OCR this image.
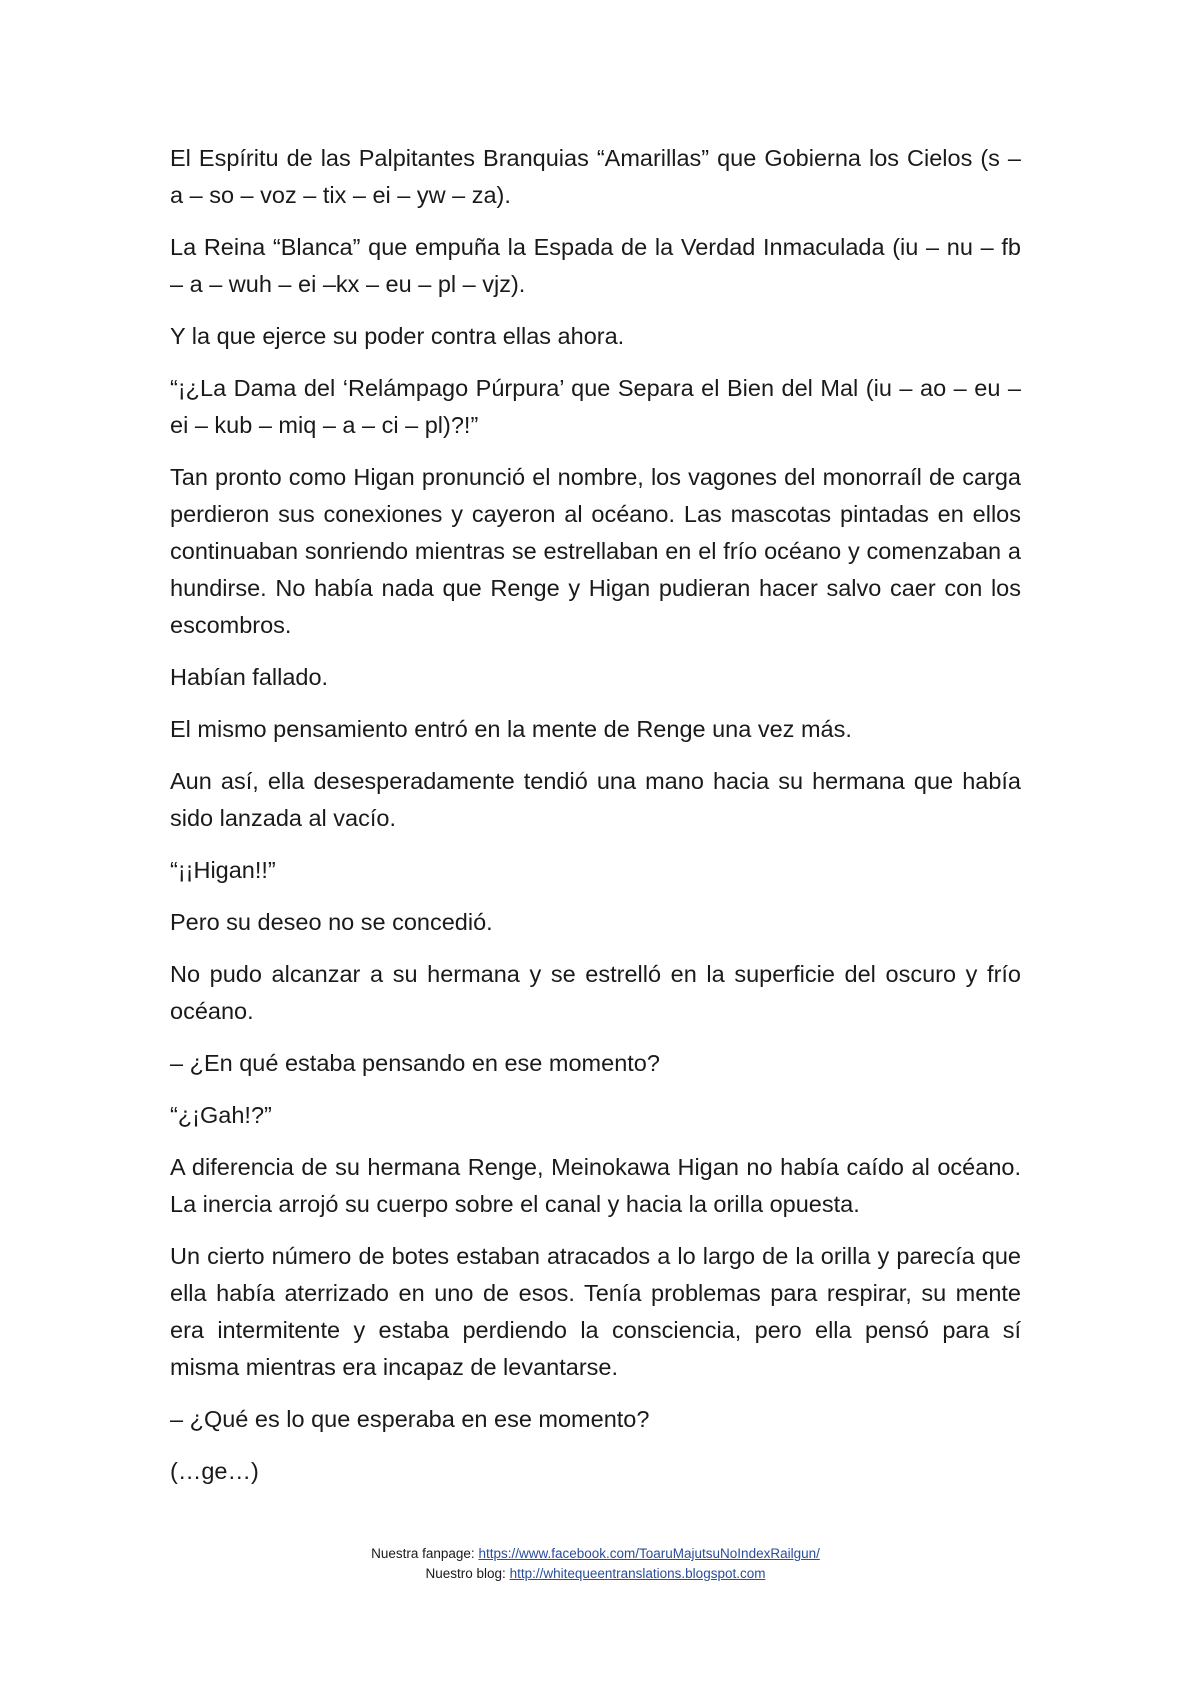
El Espíritu de las Palpitantes Branquias “Amarillas” que Gobierna los Cielos (s – a – so – voz – tix – ei – yw – za).

La Reina “Blanca” que empuña la Espada de la Verdad Inmaculada (iu – nu – fb – a – wuh – ei –kx – eu – pl – vjz).

Y la que ejerce su poder contra ellas ahora.

“¡¿La Dama del ‘Relámpago Púrpura’ que Separa el Bien del Mal (iu – ao – eu – ei – kub – miq – a – ci – pl)?!”

Tan pronto como Higan pronunció el nombre, los vagones del monorraíl de carga perdieron sus conexiones y cayeron al océano. Las mascotas pintadas en ellos continuaban sonriendo mientras se estrellaban en el frío océano y comenzaban a hundirse. No había nada que Renge y Higan pudieran hacer salvo caer con los escombros.

Habían fallado.

El mismo pensamiento entró en la mente de Renge una vez más.

Aun así, ella desesperadamente tendió una mano hacia su hermana que había sido lanzada al vacío.

“¡¡Higan!!”

Pero su deseo no se concedió.

No pudo alcanzar a su hermana y se estrelló en la superficie del oscuro y frío océano.

– ¿En qué estaba pensando en ese momento?

“¿¡Gah!?”

A diferencia de su hermana Renge, Meinokawa Higan no había caído al océano. La inercia arrojó su cuerpo sobre el canal y hacia la orilla opuesta.

Un cierto número de botes estaban atracados a lo largo de la orilla y parecía que ella había aterrizado en uno de esos. Tenía problemas para respirar, su mente era intermitente y estaba perdiendo la consciencia, pero ella pensó para sí misma mientras era incapaz de levantarse.

– ¿Qué es lo que esperaba en ese momento?

(…ge…)

Nuestra fanpage: https://www.facebook.com/ToaruMajutsuNoIndexRailgun/
Nuestro blog: http://whitequeentranslations.blogspot.com
